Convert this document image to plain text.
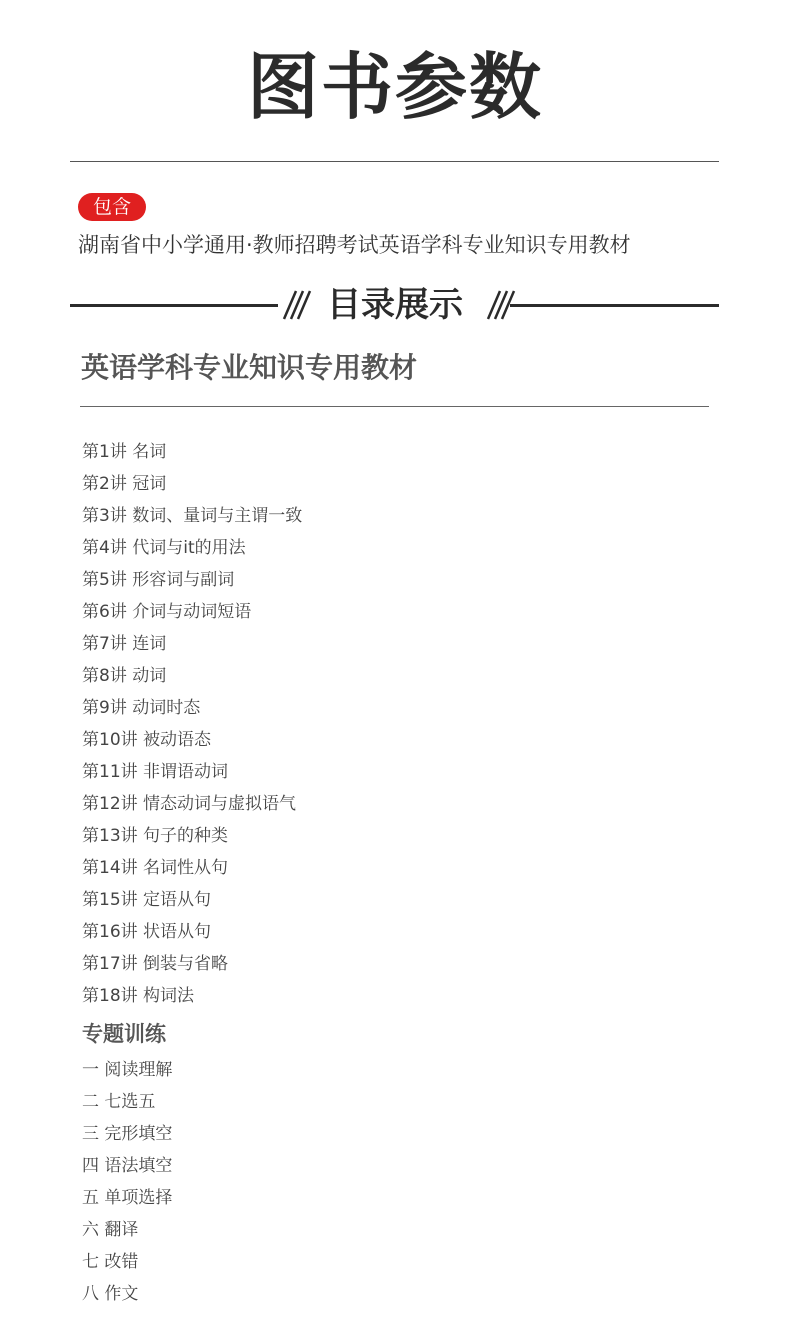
图书参数
包含
湖南省中小学通用·教师招聘考试英语学科专业知识专用教材
目录展示
英语学科专业知识专用教材
第1讲 名词
第2讲 冠词
第3讲 数词、量词与主谓一致
第4讲 代词与it的用法
第5讲 形容词与副词
第6讲 介词与动词短语
第7讲 连词
第8讲 动词
第9讲 动词时态
第10讲 被动语态
第11讲 非谓语动词
第12讲 情态动词与虚拟语气
第13讲 句子的种类
第14讲 名词性从句
第15讲 定语从句
第16讲 状语从句
第17讲 倒装与省略
第18讲 构词法
专题训练
一 阅读理解
二 七选五
三 完形填空
四 语法填空
五 单项选择
六 翻译
七 改错
八 作文
